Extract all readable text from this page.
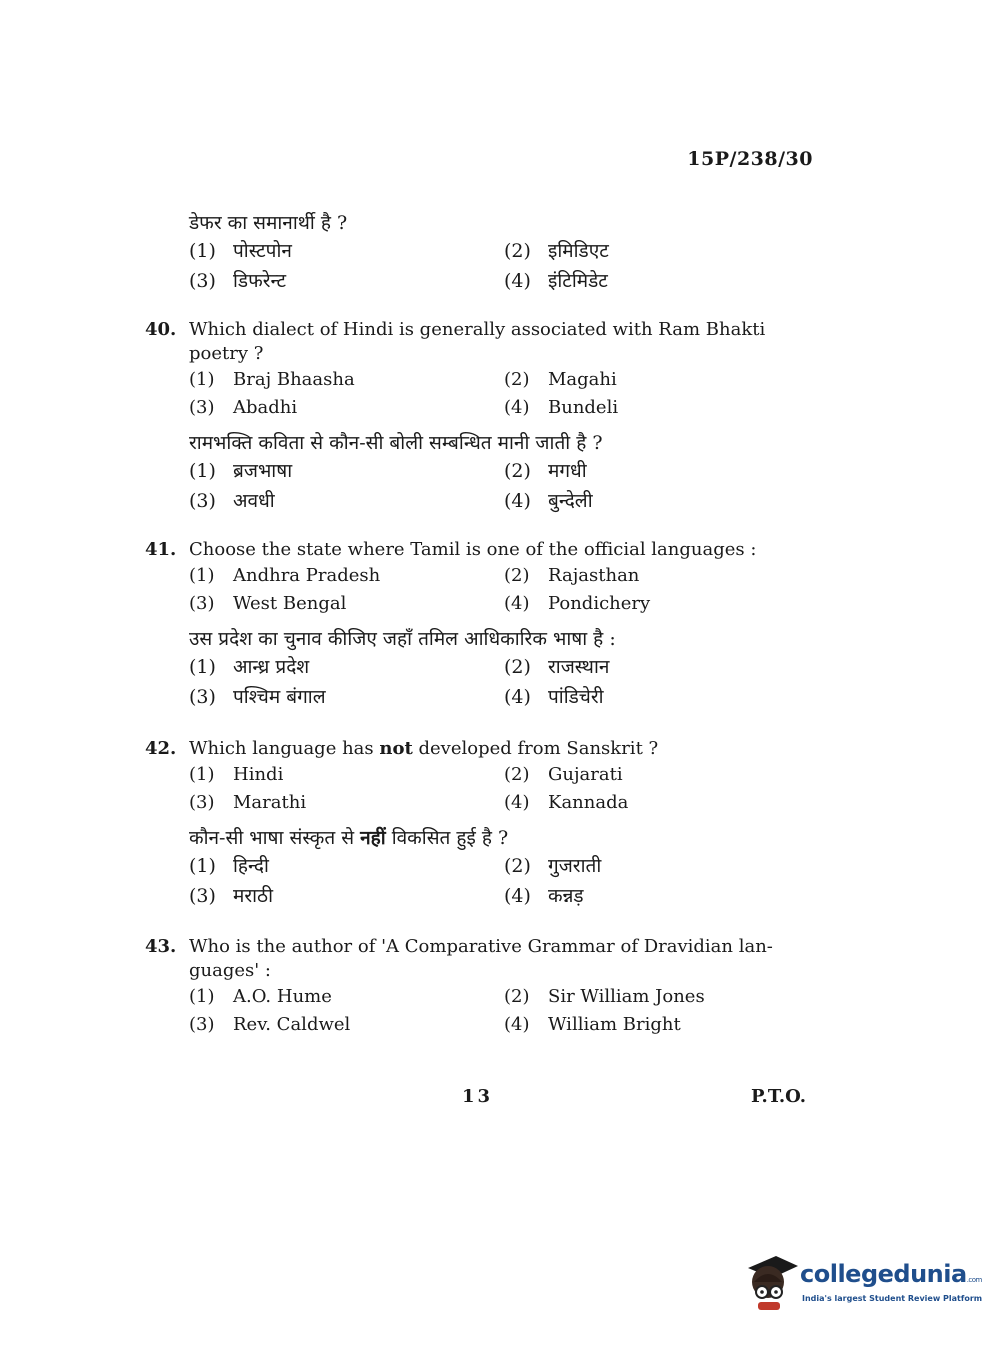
15P/238/30
डेफर का समानार्थी है ?
(1) पोस्टपोन	(2) इमिडिएट
(3) डिफरेन्ट	(4) इंटिमिडेट
40. Which dialect of Hindi is generally associated with Ram Bhakti
poetry ?
(1)	Braj Bhaasha	(2)	Magahi
(3)	Abadhi	(4)	Bundeli
रामभक्ति कविता से कौन-सी बोली सम्बन्धित मानी जाती है ?
(1) ब्रजभाषा	(2) मगधी
(3) अवधी	(4) बुन्देली
41. Choose the state where Tamil is one of the official languages :
(1)	Andhra Pradesh	(2)	Rajasthan
(3)	West Bengal	(4)	Pondichery
उस प्रदेश का चुनाव कीजिए जहाँ तमिल आधिकारिक भाषा है :
(1) आन्ध्र प्रदेश	(2) राजस्थान
(3) पश्चिम बंगाल	(4) पांडिचेरी
42. Which language has not developed from Sanskrit ?
(1)	Hindi	(2)	Gujarati
(3)	Marathi	(4)	Kannada
कौन-सी भाषा संस्कृत से नहीं विकसित हुई है ?
(1) हिन्दी	(2) गुजराती
(3) मराठी	(4) कन्नड़
43. Who is the author of 'A Comparative Grammar of Dravidian lan-
guages' :
(1)	A.O. Hume	(2)	Sir William Jones
(3)	Rev. Caldwel	(4)	William Bright
13	P.T.O.
collegedunia.com
India's largest Student Review Platform
